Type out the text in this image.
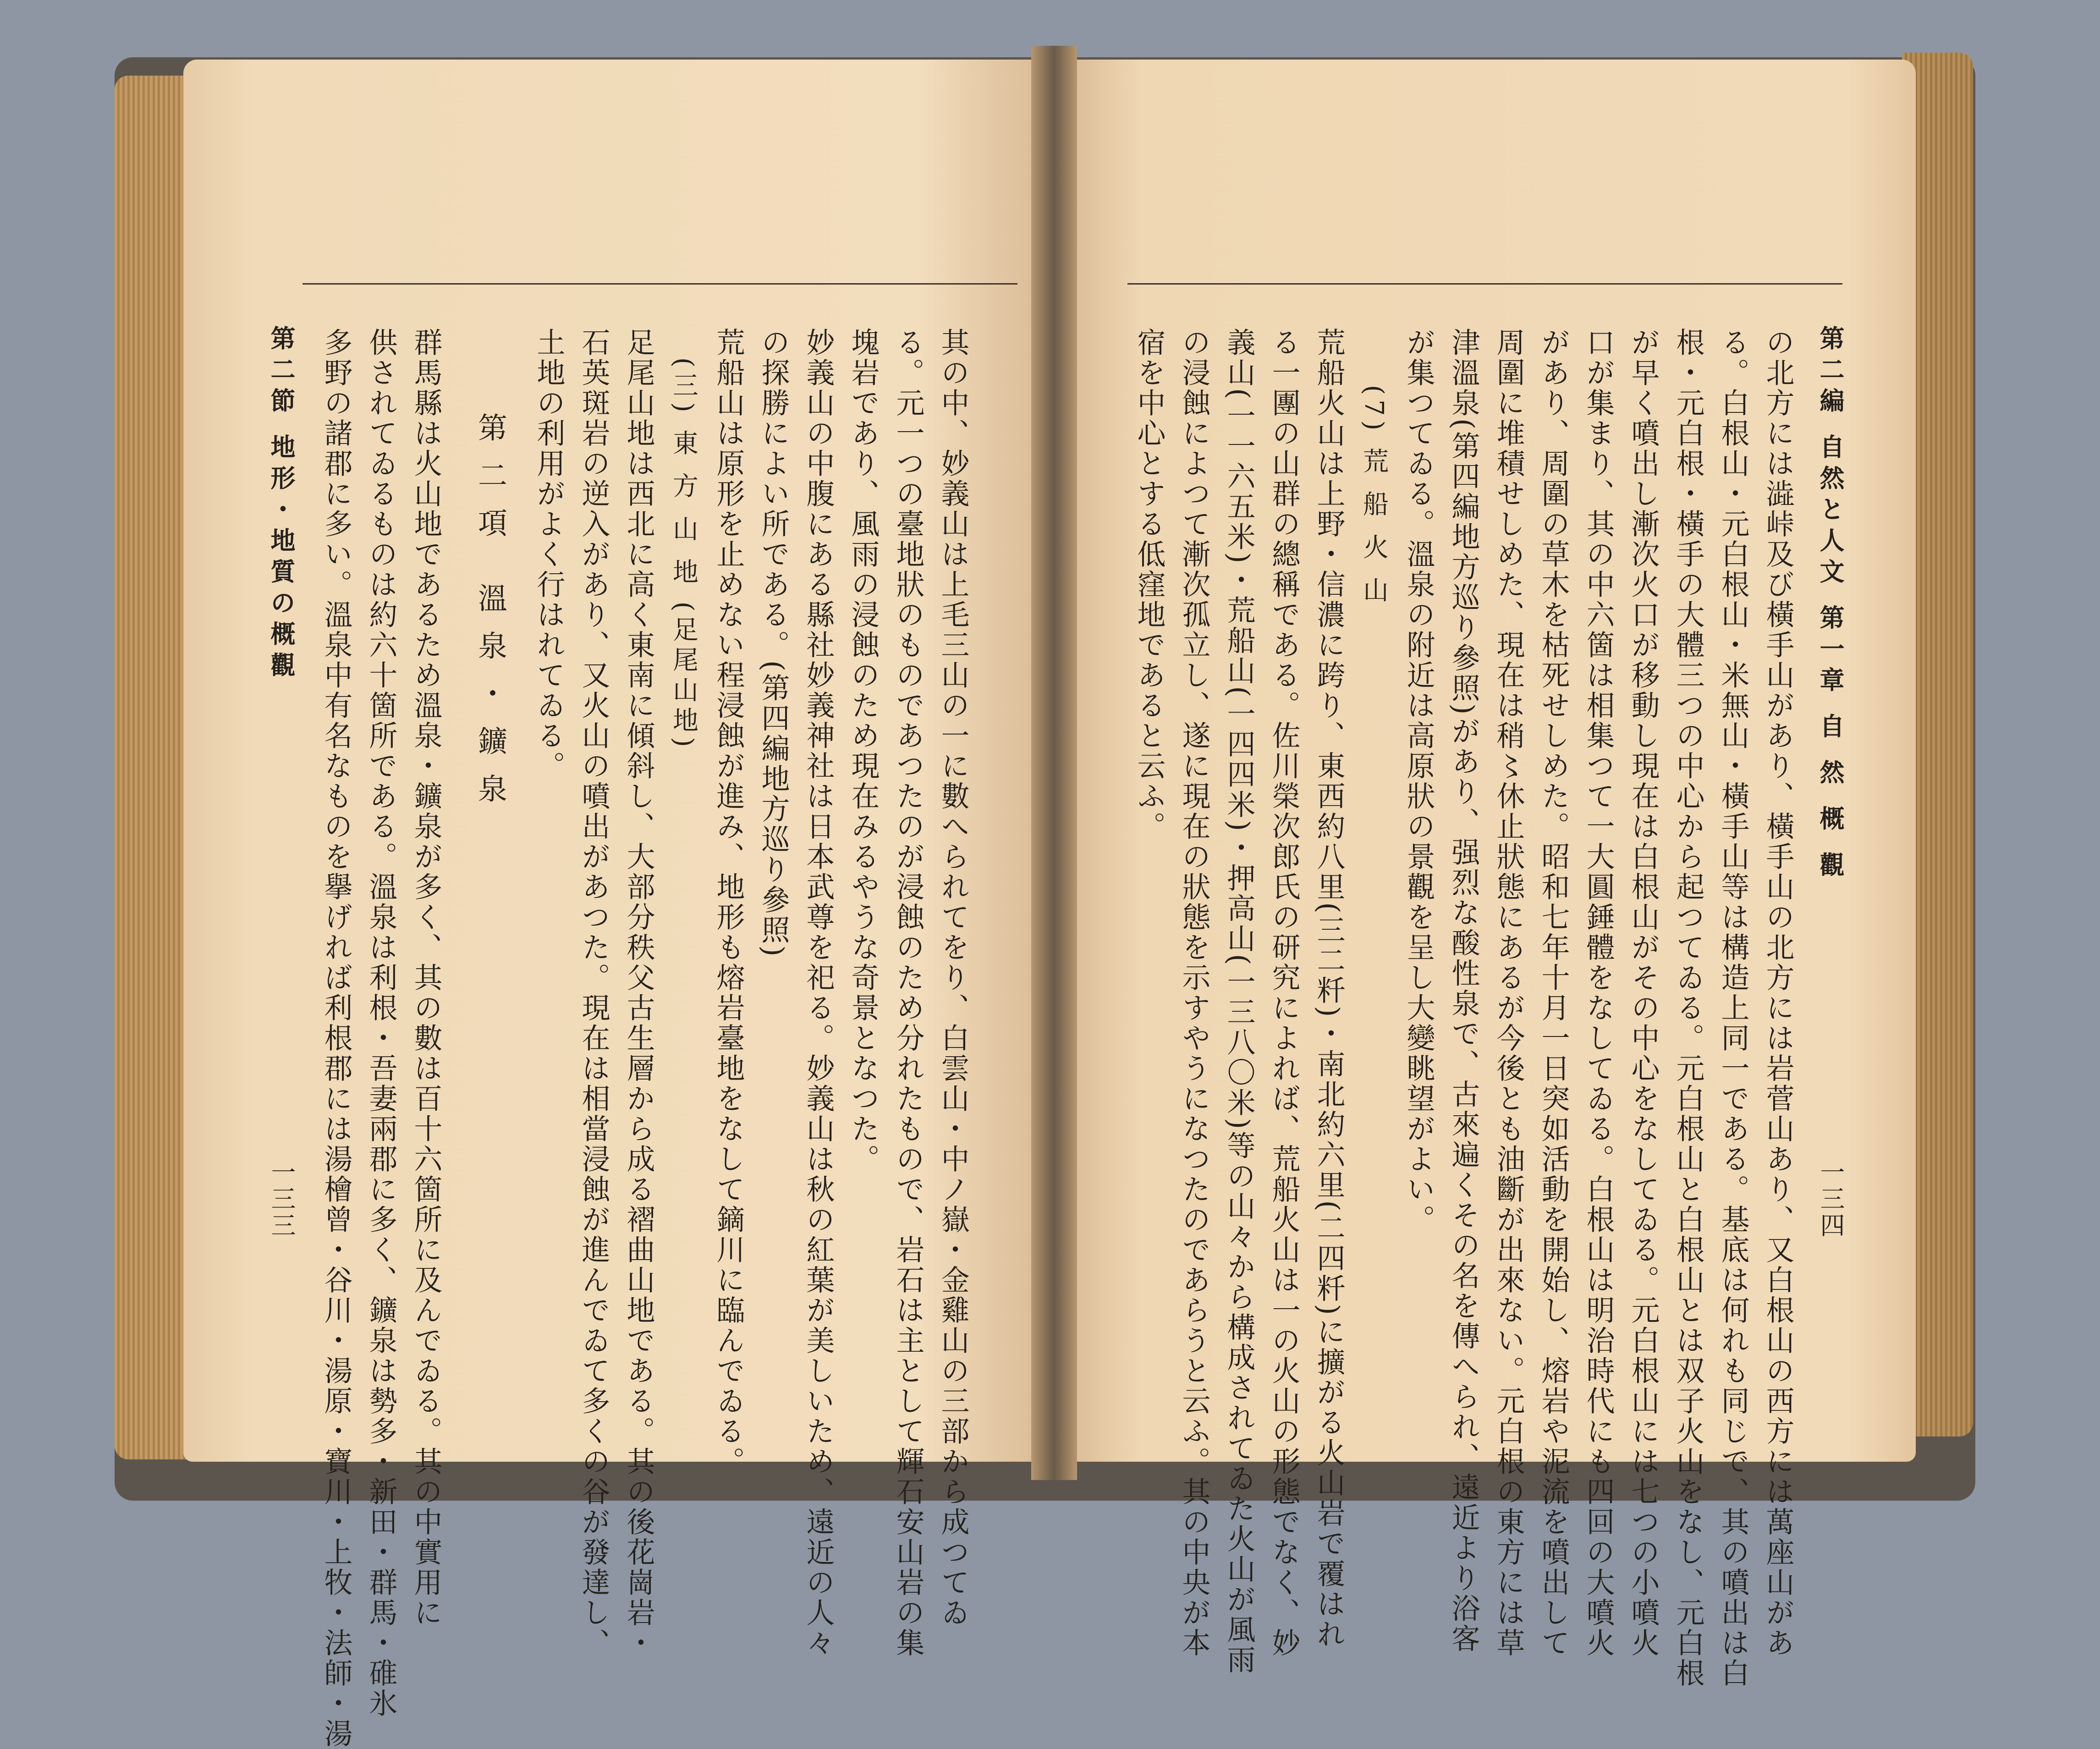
第二編 自然と人文 第一章 自 然 概 觀
一三四
の北方には澁峠及び橫手山があり、橫手山の北方には岩菅山あり、又白根山の西方には萬座山があ
る。白根山・元白根山・米無山・橫手山等は構造上同一である。基底は何れも同じで、其の噴出は白
根・元白根・橫手の大體三つの中心から起つてゐる。元白根山と白根山とは双子火山をなし、元白根
が早く噴出し漸次火口が移動し現在は白根山がその中心をなしてゐる。元白根山には七つの小噴火
口が集まり、其の中六箇は相集つて一大圓錘體をなしてゐる。白根山は明治時代にも四回の大噴火
があり、周圍の草木を枯死せしめた。昭和七年十月一日突如活動を開始し、熔岩や泥流を噴出して
周圍に堆積せしめた、現在は稍〻休止狀態にあるが今後とも油斷が出來ない。元白根の東方には草
津溫泉(第四編地方巡り參照)があり、强烈な酸性泉で、古來遍くその名を傳へられ、遠近より浴客
が集つてゐる。溫泉の附近は高原狀の景觀を呈し大變眺望がよい。
(7) 荒 船 火 山
荒船火山は上野・信濃に跨り、東西約八里(三二粁)・南北約六里(二四粁)に擴がる火山岩で覆はれ
る一團の山群の總稱である。佐川榮次郎氏の研究によれば、荒船火山は一の火山の形態でなく、妙
義山(一一六五米)・荒船山(一四四米)・押高山(一三八〇米)等の山々から構成されてゐた火山が風雨
の浸蝕によつて漸次孤立し、遂に現在の狀態を示すやうになつたのであらうと云ふ。其の中央が本
宿を中心とする低窪地であると云ふ。
其の中、妙義山は上毛三山の一に數へられてをり、白雲山・中ノ嶽・金雞山の三部から成つてゐ
る。元一つの臺地狀のものであつたのが浸蝕のため分れたもので、岩石は主として輝石安山岩の集
塊岩であり、風雨の浸蝕のため現在みるやうな奇景となつた。
妙義山の中腹にある縣社妙義神社は日本武尊を祀る。妙義山は秋の紅葉が美しいため、遠近の人々
の探勝によい所である。(第四編地方巡り參照)
荒船山は原形を止めない程浸蝕が進み、地形も熔岩臺地をなして鏑川に臨んでゐる。
(三) 東 方 山 地 (足尾山地)
足尾山地は西北に高く東南に傾斜し、大部分秩父古生層から成る褶曲山地である。其の後花崗岩・
石英斑岩の逆入があり、又火山の噴出があつた。現在は相當浸蝕が進んでゐて多くの谷が發達し、
土地の利用がよく行はれてゐる。
第二項 溫泉・鑛泉
群馬縣は火山地であるため溫泉・鑛泉が多く、其の數は百十六箇所に及んでゐる。其の中實用に
供されてゐるものは約六十箇所である。溫泉は利根・吾妻兩郡に多く、鑛泉は勢多・新田・群馬・碓氷
多野の諸郡に多い。溫泉中有名なものを擧げれば利根郡には湯檜曾・谷川・湯原・寶川・上牧・法師・湯
第二節 地形・地質の概觀
一三三
